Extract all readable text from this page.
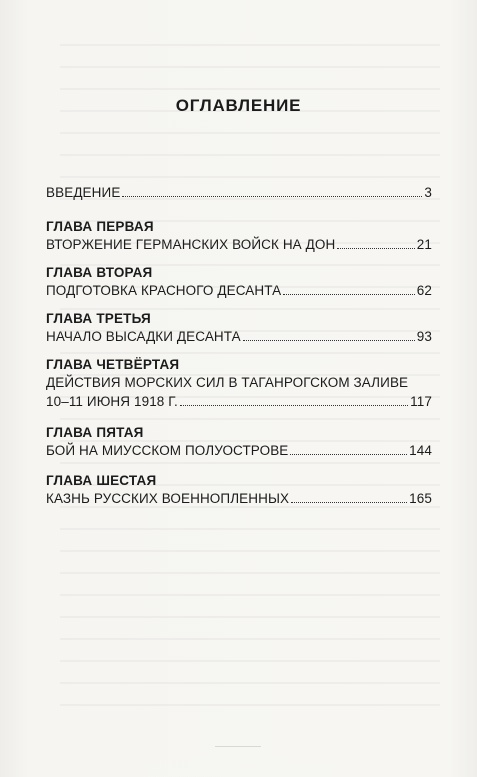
ОГЛАВЛЕНИЕ
ВВЕДЕНИЕ	3
ГЛАВА ПЕРВАЯ
ВТОРЖЕНИЕ ГЕРМАНСКИХ ВОЙСК НА ДОН	21
ГЛАВА ВТОРАЯ
ПОДГОТОВКА КРАСНОГО ДЕСАНТА	62
ГЛАВА ТРЕТЬЯ
НАЧАЛО ВЫСАДКИ ДЕСАНТА	93
ГЛАВА ЧЕТВЁРТАЯ
ДЕЙСТВИЯ МОРСКИХ СИЛ В ТАГАНРОГСКОМ ЗАЛИВЕ
10–11 ИЮНЯ 1918 Г.	117
ГЛАВА ПЯТАЯ
БОЙ НА МИУССКОМ ПОЛУОСТРОВЕ	144
ГЛАВА ШЕСТАЯ
КАЗНЬ РУССКИХ ВОЕННОПЛЕННЫХ	165
